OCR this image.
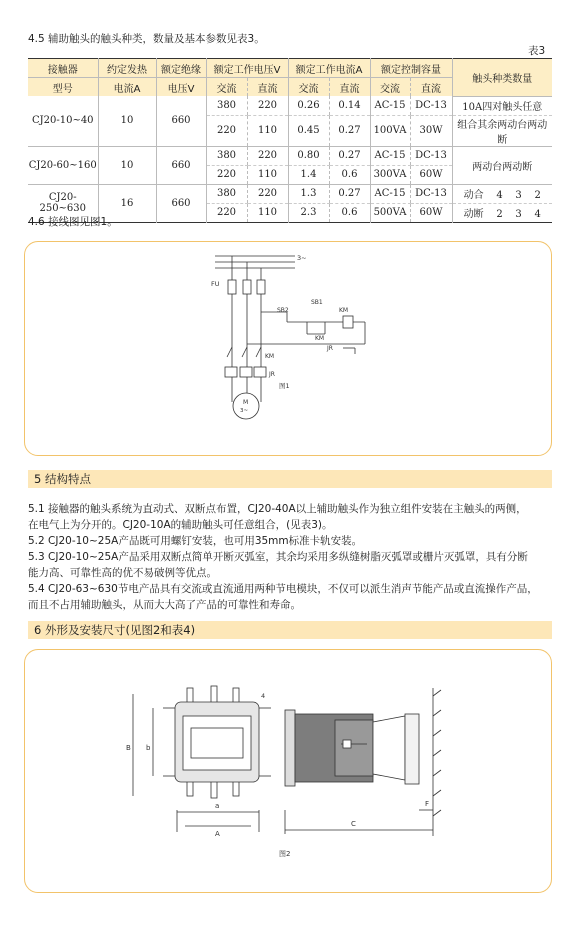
4.5 辅助触头的触头种类，数量及基本参数见表3。
表3
接触器	约定发热	额定绝缘	额定工作电压V		额定工作电流A		额定控制容量		触头种类数量
型号	电流A	电压V	交流	直流	交流	直流	交流	直流	
CJ20-10~40	10	660	380	220	0.26	0.14	AC-15	DC-13	10A四对触头任意
			220	110	0.45	0.27	100VA	30W	组合其余两动台两动断
CJ20-60~160	10	660	380	220	0.80	0.27	AC-15	DC-13	两动台两动断
			220	110	1.4	0.6	300VA	60W	
CJ20-250~630	16	660	380	220	1.3	0.27	AC-15	DC-13	动合    4    3    2
			220	110	2.3	0.6	500VA	60W	动断    2    3    4
4.6 接线图见图1。
3~
FU
SB2
SB1
KM
KM
JR
KM
JR
M
3~
图1
5 结构特点
5.1 接触器的触头系统为直动式、双断点布置，CJ20-40A以上辅助触头作为独立组件安装在主触头的两侧，
在电气上为分开的。CJ20-10A的辅助触头可任意组合，(见表3)。
5.2 CJ20-10~25A产品既可用螺钉安装，也可用35mm标准卡轨安装。
5.3 CJ20-10~25A产品采用双断点简单开断灭弧室，其余均采用多纵缝树脂灭弧罩或栅片灭弧罩，具有分断
能力高、可靠性高的优不易破例等优点。
5.4 CJ20-63~630节电产品具有交流或直流通用两种节电模块，不仅可以派生消声节能产品或直流操作产品，
而且不占用辅助触头，从而大大高了产品的可靠性和寿命。
6 外形及安装尺寸(见图2和表4)
B b
a
A
C
F
4
图2
